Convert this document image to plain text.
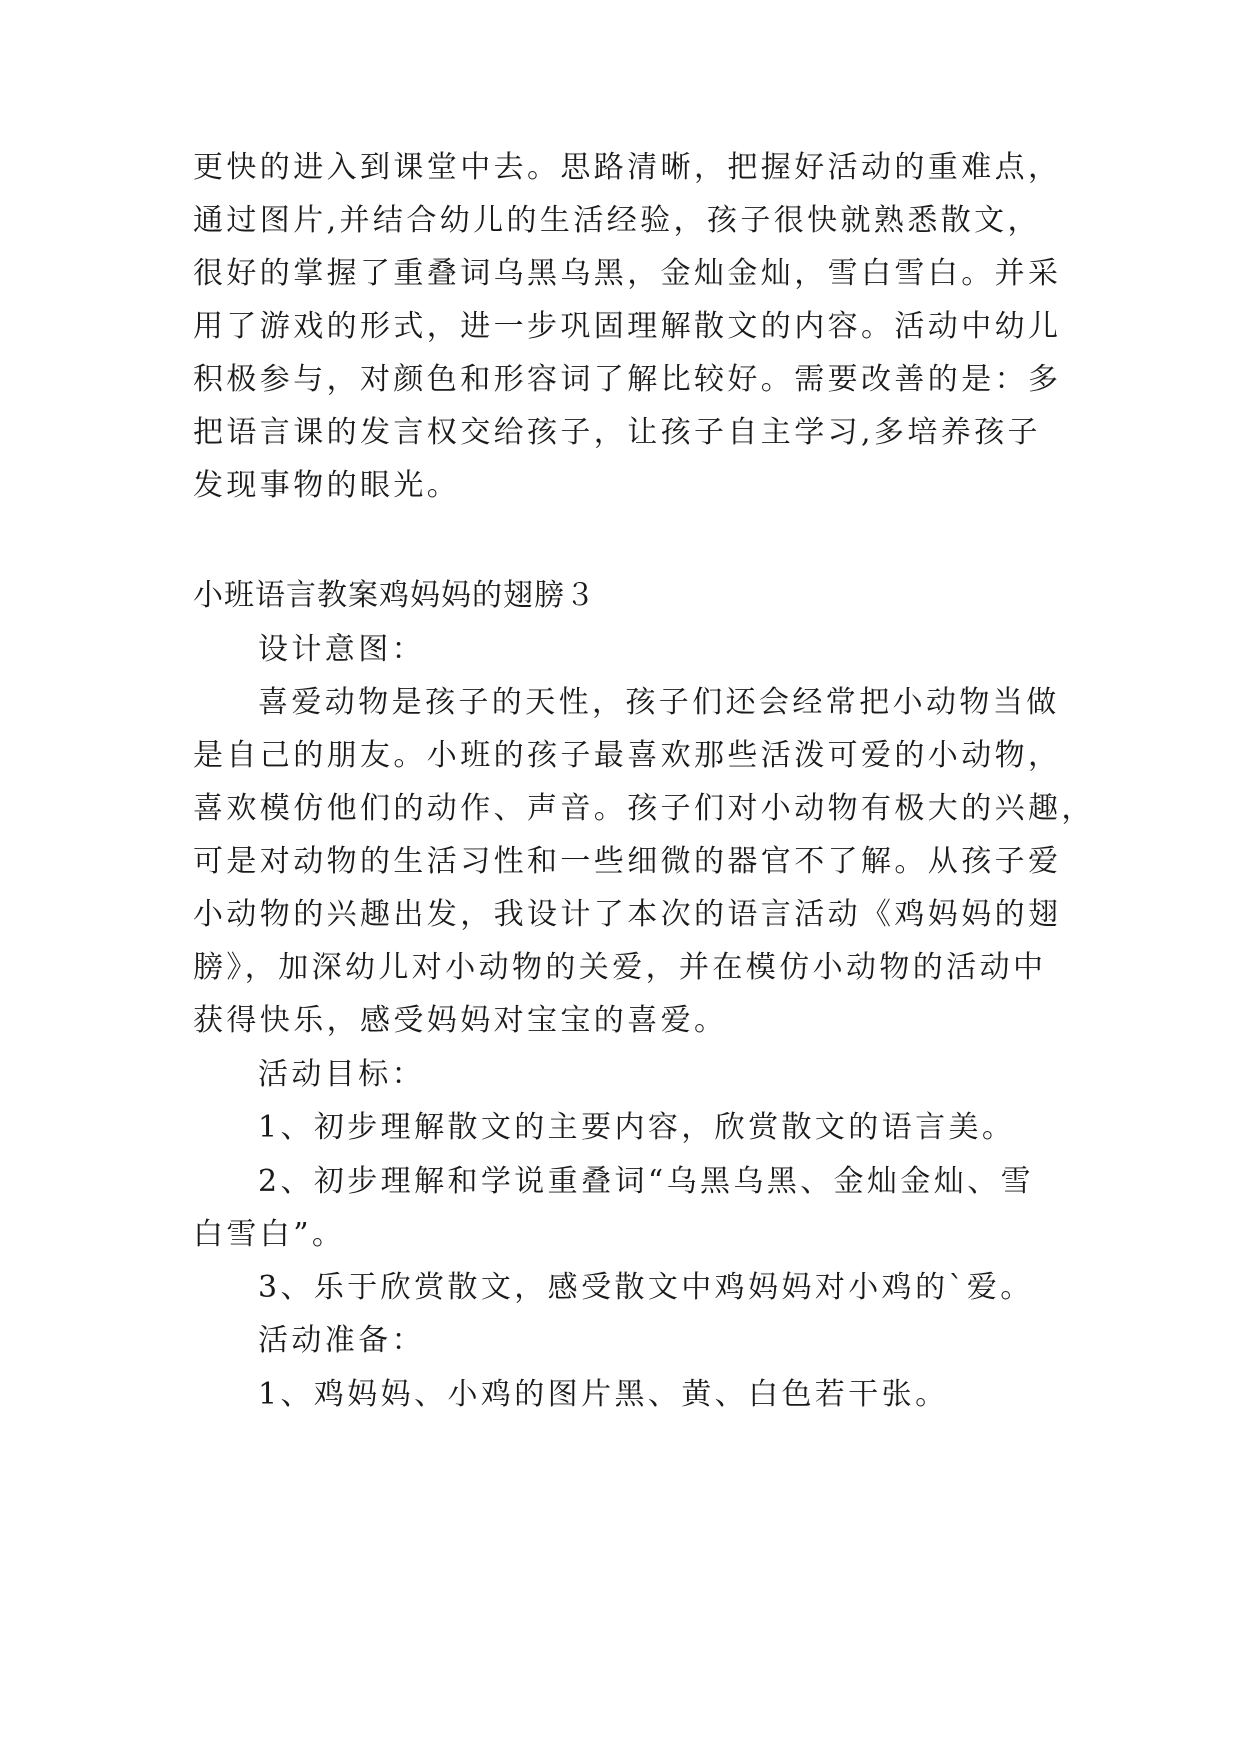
更快的进入到课堂中去。思路清晰，把握好活动的重难点，
通过图片,并结合幼儿的生活经验，孩子很快就熟悉散文，
很好的掌握了重叠词乌黑乌黑，金灿金灿，雪白雪白。并采
用了游戏的形式，进一步巩固理解散文的内容。活动中幼儿
积极参与，对颜色和形容词了解比较好。需要改善的是：多
把语言课的发言权交给孩子，让孩子自主学习,多培养孩子
发现事物的眼光。
小班语言教案鸡妈妈的翅膀３
设计意图：
喜爱动物是孩子的天性，孩子们还会经常把小动物当做
是自己的朋友。小班的孩子最喜欢那些活泼可爱的小动物，
喜欢模仿他们的动作、声音。孩子们对小动物有极大的兴趣，
可是对动物的生活习性和一些细微的器官不了解。从孩子爱
小动物的兴趣出发，我设计了本次的语言活动《鸡妈妈的翅
膀》，加深幼儿对小动物的关爱，并在模仿小动物的活动中
获得快乐，感受妈妈对宝宝的喜爱。
活动目标：
1、初步理解散文的主要内容，欣赏散文的语言美。
2、初步理解和学说重叠词“乌黑乌黑、金灿金灿、雪
白雪白”。
3、乐于欣赏散文，感受散文中鸡妈妈对小鸡的`爱。
活动准备：
1、鸡妈妈、小鸡的图片黑、黄、白色若干张。
